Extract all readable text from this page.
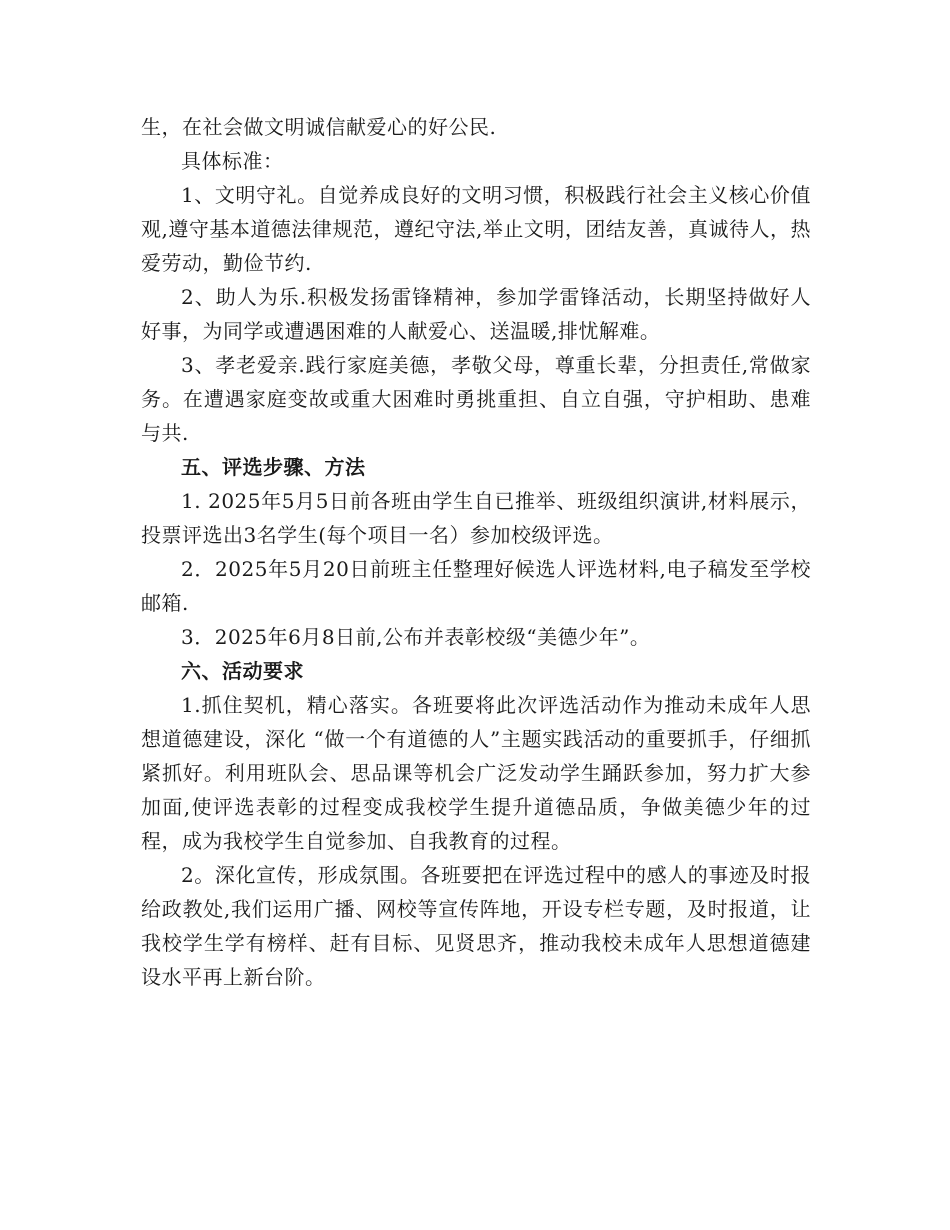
生，在社会做文明诚信献爱心的好公民.

具体标准：

1、文明守礼。自觉养成良好的文明习惯，积极践行社会主义核心价值观,遵守基本道德法律规范，遵纪守法,举止文明，团结友善，真诚待人，热爱劳动，勤俭节约.

2、助人为乐.积极发扬雷锋精神，参加学雷锋活动，长期坚持做好人好事，为同学或遭遇困难的人献爱心、送温暖,排忧解难。

3、孝老爱亲.践行家庭美德，孝敬父母，尊重长辈，分担责任,常做家务。在遭遇家庭变故或重大困难时勇挑重担、自立自强，守护相助、患难与共.

五、评选步骤、方法

1. 2025年5月5日前各班由学生自已推举、班级组织演讲,材料展示，投票评选出3名学生(每个项目一名）参加校级评选。

2．2025年5月20日前班主任整理好候选人评选材料,电子稿发至学校邮箱.

3．2025年6月8日前,公布并表彰校级“美德少年”。

六、活动要求

1.抓住契机，精心落实。各班要将此次评选活动作为推动未成年人思想道德建设，深化 “做一个有道德的人”主题实践活动的重要抓手，仔细抓紧抓好。利用班队会、思品课等机会广泛发动学生踊跃参加，努力扩大参加面,使评选表彰的过程变成我校学生提升道德品质，争做美德少年的过程，成为我校学生自觉参加、自我教育的过程。

2。深化宣传，形成氛围。各班要把在评选过程中的感人的事迹及时报给政教处,我们运用广播、网校等宣传阵地，开设专栏专题，及时报道，让我校学生学有榜样、赶有目标、见贤思齐，推动我校未成年人思想道德建设水平再上新台阶。
